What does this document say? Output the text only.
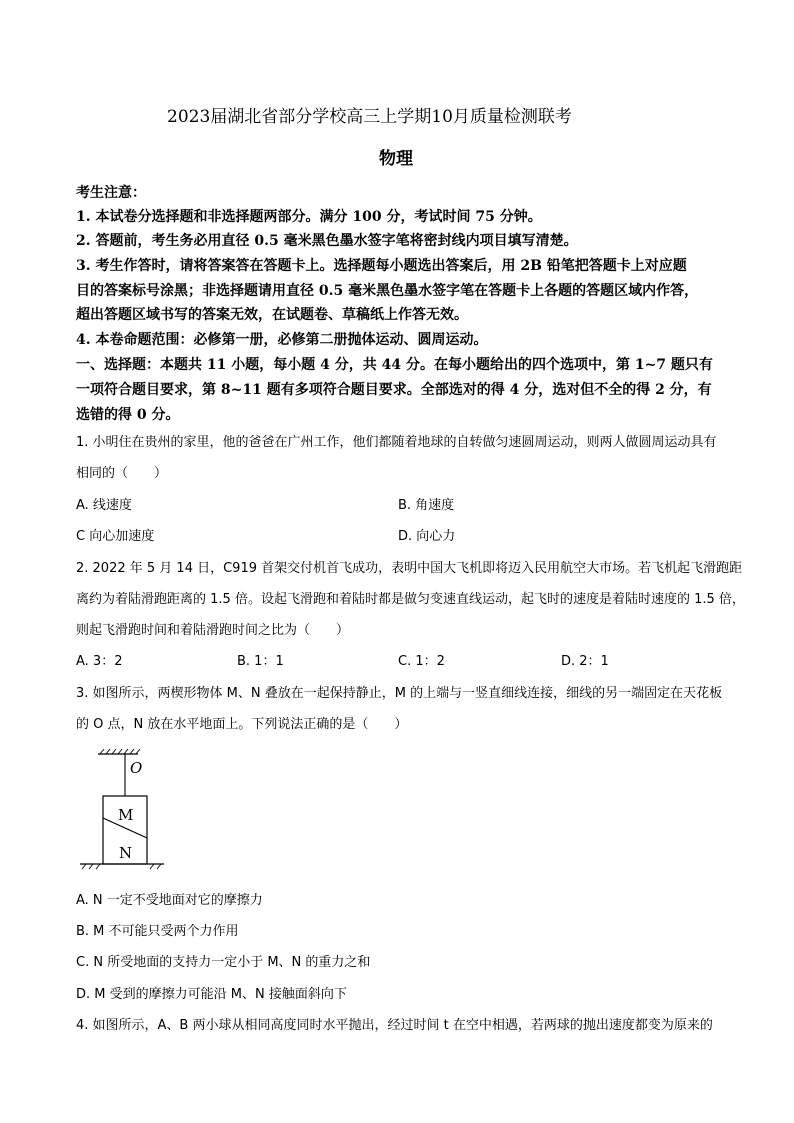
2023届湖北省部分学校高三上学期10月质量检测联考
物理
考生注意：
1. 本试卷分选择题和非选择题两部分。满分 100 分，考试时间 75 分钟。
2. 答题前，考生务必用直径 0.5 毫米黑色墨水签字笔将密封线内项目填写清楚。
3. 考生作答时，请将答案答在答题卡上。选择题每小题选出答案后，用 2B 铅笔把答题卡上对应题
目的答案标号涂黑；非选择题请用直径 0.5 毫米黑色墨水签字笔在答题卡上各题的答题区域内作答，
超出答题区域书写的答案无效，在试题卷、草稿纸上作答无效。
4. 本卷命题范围：必修第一册，必修第二册抛体运动、圆周运动。
一、选择题：本题共 11 小题，每小题 4 分，共 44 分。在每小题给出的四个选项中，第 1~7 题只有
一项符合题目要求，第 8~11 题有多项符合题目要求。全部选对的得 4 分，选对但不全的得 2 分，有
选错的得 0 分。
1. 小明住在贵州的家里，他的爸爸在广州工作，他们都随着地球的自转做匀速圆周运动，则两人做圆周运动具有
相同的（　　）
A. 线速度	B. 角速度
C 向心加速度	D. 向心力
2. 2022 年 5 月 14 日，C919 首架交付机首飞成功，表明中国大飞机即将迈入民用航空大市场。若飞机起飞滑跑距
离约为着陆滑跑距离的 1.5 倍。设起飞滑跑和着陆时都是做匀变速直线运动，起飞时的速度是着陆时速度的 1.5 倍，
则起飞滑跑时间和着陆滑跑时间之比为（　　）
A. 3：2	B. 1：1	C. 1：2	D. 2：1
3. 如图所示，两楔形物体 M、N 叠放在一起保持静止，M 的上端与一竖直细线连接，细线的另一端固定在天花板
的 O 点，N 放在水平地面上。下列说法正确的是（　　）
O
M
N
A. N 一定不受地面对它的摩擦力
B. M 不可能只受两个力作用
C. N 所受地面的支持力一定小于 M、N 的重力之和
D. M 受到的摩擦力可能沿 M、N 接触面斜向下
4. 如图所示，A、B 两小球从相同高度同时水平抛出，经过时间 t 在空中相遇，若两球的抛出速度都变为原来的
